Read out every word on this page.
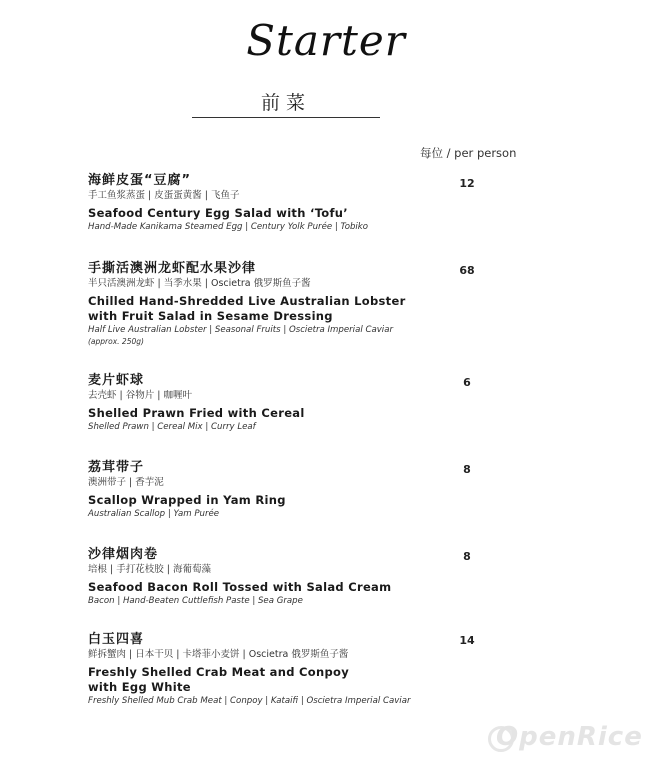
Starter
前菜
每位 / per person
海鲜皮蛋“豆腐”
手工鱼浆蒸蛋 | 皮蛋蛋黄酱 | 飞鱼子
Seafood Century Egg Salad with ‘Tofu’
Hand-Made Kanikama Steamed Egg | Century Yolk Purée | Tobiko
12
手撕活澳洲龙虾配水果沙律
半只活澳洲龙虾 | 当季水果 | Oscietra 俄罗斯鱼子酱
Chilled Hand-Shredded Live Australian Lobster
with Fruit Salad in Sesame Dressing
Half Live Australian Lobster | Seasonal Fruits | Oscietra Imperial Caviar
(approx. 250g)
68
麦片虾球
去壳虾 | 谷物片 | 咖喱叶
Shelled Prawn Fried with Cereal
Shelled Prawn | Cereal Mix | Curry Leaf
6
荔茸带子
澳洲带子 | 香芋泥
Scallop Wrapped in Yam Ring
Australian Scallop | Yam Purée
8
沙律烟肉卷
培根 | 手打花枝胶 | 海葡萄藻
Seafood Bacon Roll Tossed with Salad Cream
Bacon | Hand-Beaten Cuttlefish Paste | Sea Grape
8
白玉四喜
鲜拆蟹肉 | 日本干贝 | 卡塔菲小麦饼 | Oscietra 俄罗斯鱼子酱
Freshly Shelled Crab Meat and Conpoy
with Egg White
Freshly Shelled Mub Crab Meat | Conpoy | Kataifi | Oscietra Imperial Caviar
14
OpenRice
